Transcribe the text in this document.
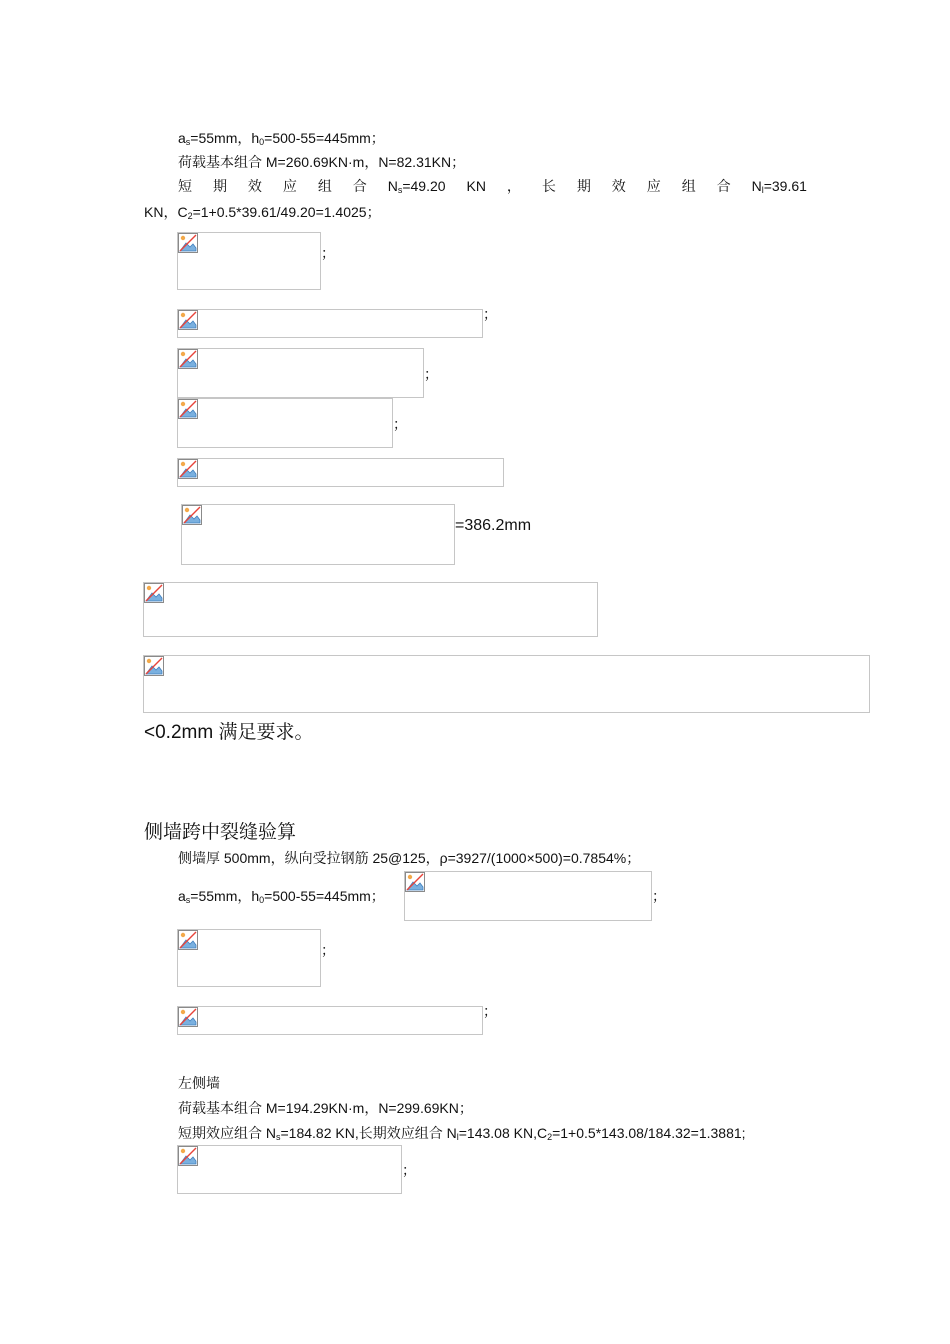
$a_s=55mm$，$h_0=500-55=445mm$；
荷载基本组合 M=260.69KN·m，N=82.31KN；
短 期 效 应 组 合 $N_s=49.20$ KN ， 长 期 效 应 组 合 $N_l=39.61$
KN，$C_2=1+0.5*39.61/49.20=1.4025$；
；
；
；
；
=386.2mm
<0.2mm 满足要求。
侧墙跨中裂缝验算
侧墙厚 500mm，纵向受拉钢筋 25@125，ρ=3927/(1000×500)=0.7854%；
$a_s=55mm$，$h_0=500-55=445mm$；	；
；
；
左侧墙
荷载基本组合 M=194.29KN·m，N=299.69KN；
短期效应组合 $N_s=184.82$ KN,长期效应组合 $N_l=143.08$ $KN,C_2=1+0.5*143.08/184.32=1.3881$;
；
